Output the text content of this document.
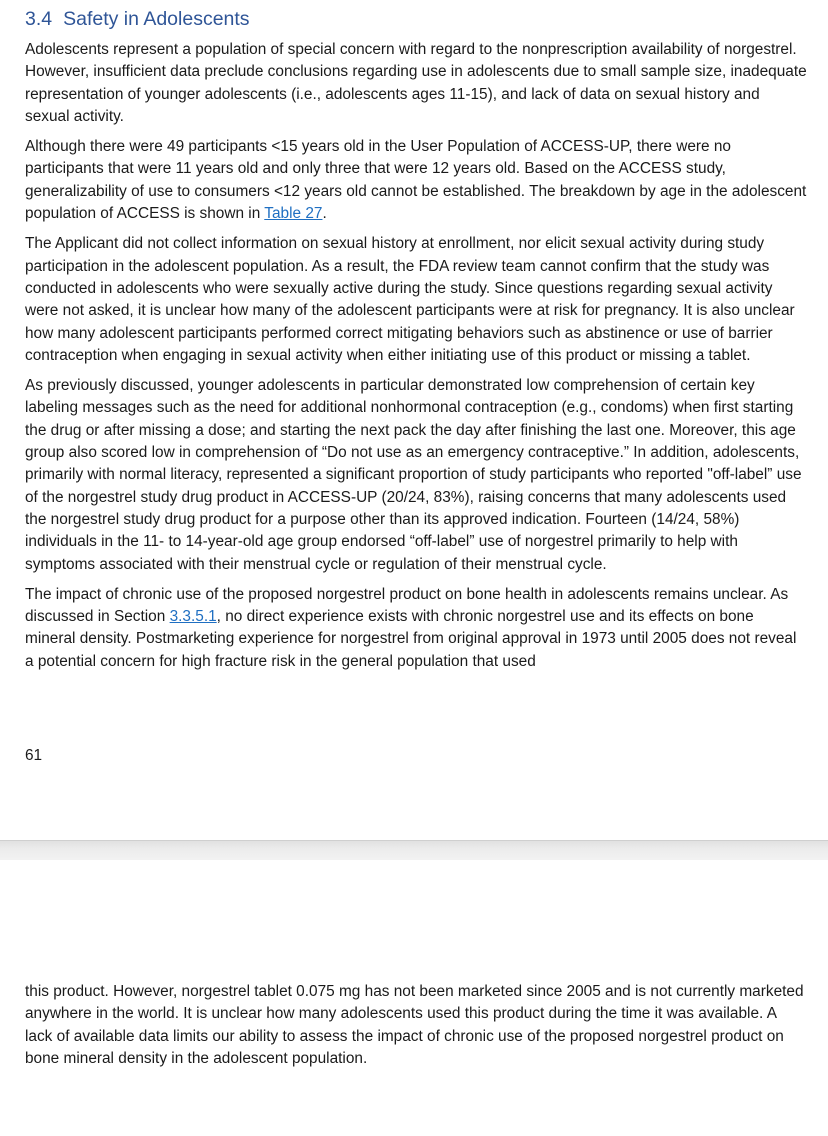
3.4 Safety in Adolescents

Adolescents represent a population of special concern with regard to the nonprescription availability of norgestrel. However, insufficient data preclude conclusions regarding use in adolescents due to small sample size, inadequate representation of younger adolescents (i.e., adolescents ages 11-15), and lack of data on sexual history and sexual activity.

Although there were 49 participants <15 years old in the User Population of ACCESS-UP, there were no participants that were 11 years old and only three that were 12 years old. Based on the ACCESS study, generalizability of use to consumers <12 years old cannot be established. The breakdown by age in the adolescent population of ACCESS is shown in Table 27.

The Applicant did not collect information on sexual history at enrollment, nor elicit sexual activity during study participation in the adolescent population. As a result, the FDA review team cannot confirm that the study was conducted in adolescents who were sexually active during the study. Since questions regarding sexual activity were not asked, it is unclear how many of the adolescent participants were at risk for pregnancy. It is also unclear how many adolescent participants performed correct mitigating behaviors such as abstinence or use of barrier contraception when engaging in sexual activity when either initiating use of this product or missing a tablet.

As previously discussed, younger adolescents in particular demonstrated low comprehension of certain key labeling messages such as the need for additional nonhormonal contraception (e.g., condoms) when first starting the drug or after missing a dose; and starting the next pack the day after finishing the last one. Moreover, this age group also scored low in comprehension of “Do not use as an emergency contraceptive.” In addition, adolescents, primarily with normal literacy, represented a significant proportion of study participants who reported "off-label” use of the norgestrel study drug product in ACCESS-UP (20/24, 83%), raising concerns that many adolescents used the norgestrel study drug product for a purpose other than its approved indication. Fourteen (14/24, 58%) individuals in the 11- to 14-year-old age group endorsed “off-label” use of norgestrel primarily to help with symptoms associated with their menstrual cycle or regulation of their menstrual cycle.

The impact of chronic use of the proposed norgestrel product on bone health in adolescents remains unclear. As discussed in Section 3.3.5.1, no direct experience exists with chronic norgestrel use and its effects on bone mineral density. Postmarketing experience for norgestrel from original approval in 1973 until 2005 does not reveal a potential concern for high fracture risk in the general population that used

61

this product. However, norgestrel tablet 0.075 mg has not been marketed since 2005 and is not currently marketed anywhere in the world. It is unclear how many adolescents used this product during the time it was available. A lack of available data limits our ability to assess the impact of chronic use of the proposed norgestrel product on bone mineral density in the adolescent population.
